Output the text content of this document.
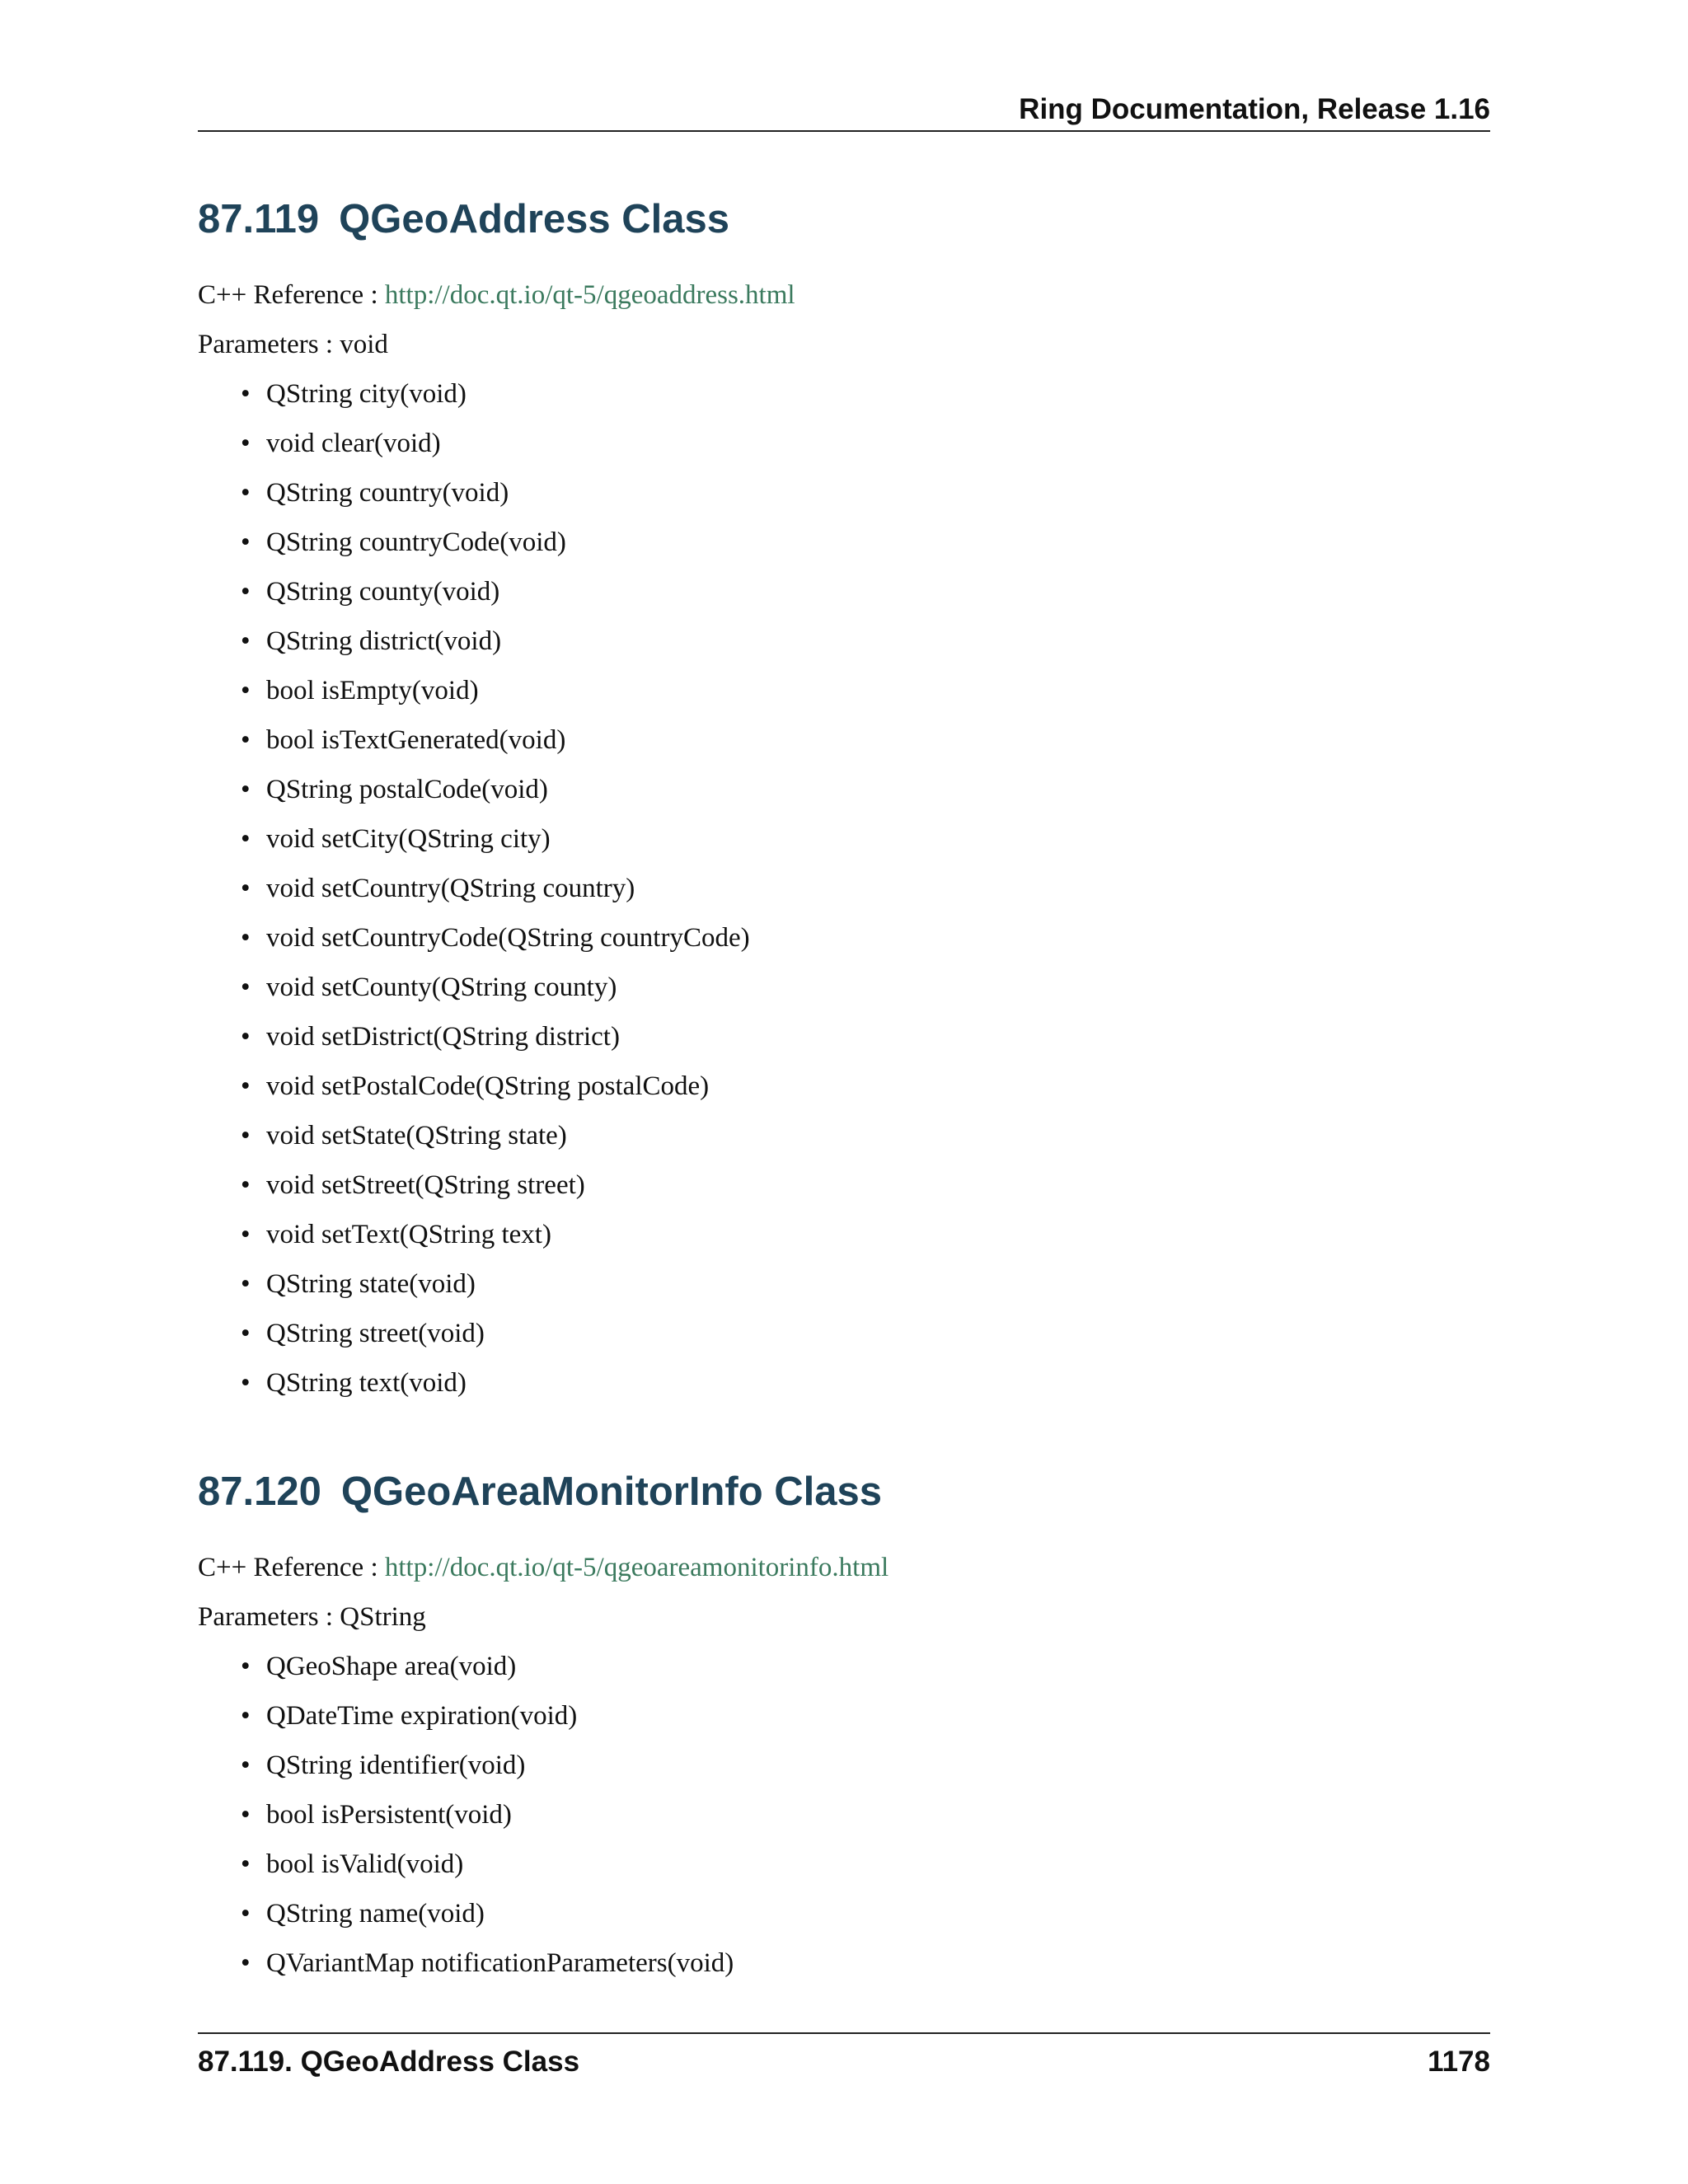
Ring Documentation, Release 1.16
87.119 QGeoAddress Class
C++ Reference : http://doc.qt.io/qt-5/qgeoaddress.html
Parameters : void
• QString city(void)
• void clear(void)
• QString country(void)
• QString countryCode(void)
• QString county(void)
• QString district(void)
• bool isEmpty(void)
• bool isTextGenerated(void)
• QString postalCode(void)
• void setCity(QString city)
• void setCountry(QString country)
• void setCountryCode(QString countryCode)
• void setCounty(QString county)
• void setDistrict(QString district)
• void setPostalCode(QString postalCode)
• void setState(QString state)
• void setStreet(QString street)
• void setText(QString text)
• QString state(void)
• QString street(void)
• QString text(void)
87.120 QGeoAreaMonitorInfo Class
C++ Reference : http://doc.qt.io/qt-5/qgeoareamonitorinfo.html
Parameters : QString
• QGeoShape area(void)
• QDateTime expiration(void)
• QString identifier(void)
• bool isPersistent(void)
• bool isValid(void)
• QString name(void)
• QVariantMap notificationParameters(void)
87.119. QGeoAddress Class	1178
